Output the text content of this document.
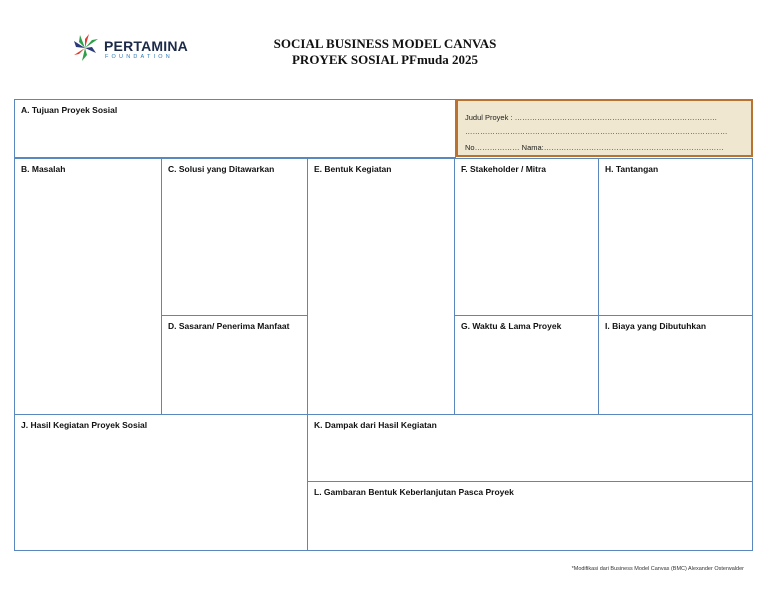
PERTAMINA
FOUNDATION
SOCIAL BUSINESS MODEL CANVAS
PROYEK SOSIAL PFmuda 2025
A. Tujuan Proyek Sosial
Judul Proyek : ………………………………………………………………………
……………………………………………………………………………………………
No……………… Nama:………………………………………………………………
B. Masalah	C. Solusi yang Ditawarkan
D. Sasaran/ Penerima Manfaat
E. Bentuk Kegiatan	F. Stakeholder / Mitra	H. Tantangan
G. Waktu & Lama Proyek	I. Biaya yang Dibutuhkan
J. Hasil Kegiatan Proyek Sosial	K. Dampak dari Hasil Kegiatan
L. Gambaran Bentuk Keberlanjutan Pasca Proyek
*Modifikasi dari Business Model Canvas (BMC) Alexander Osterwalder
